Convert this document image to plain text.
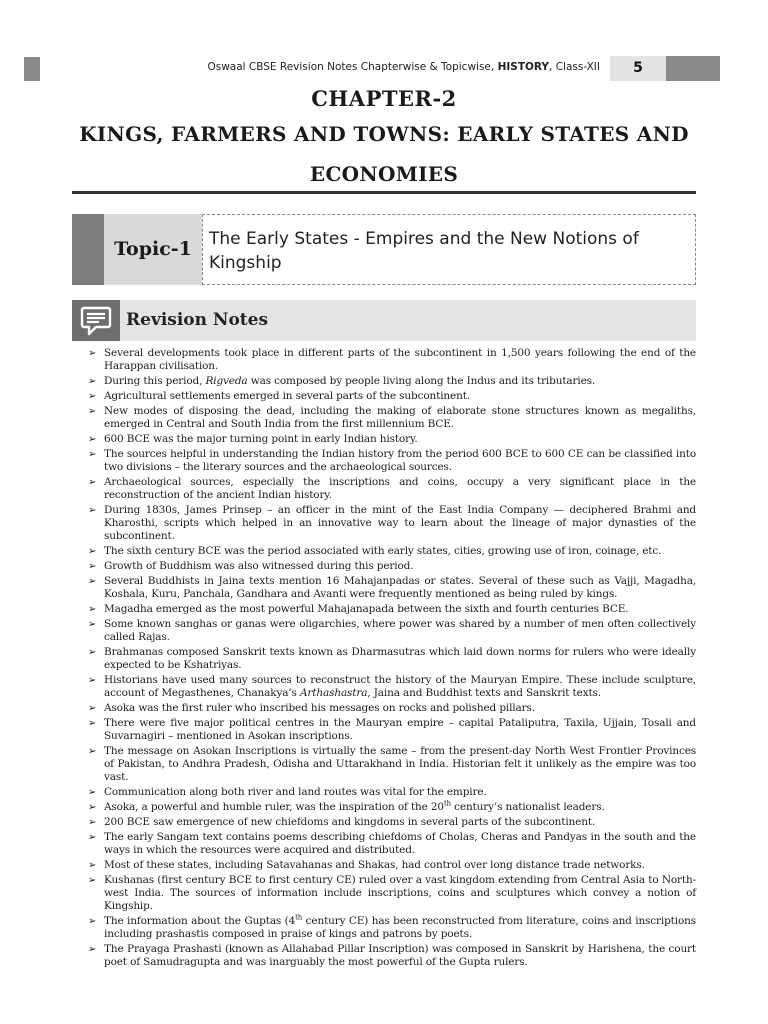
Oswaal CBSE Revision Notes Chapterwise & Topicwise, HISTORY, Class-XII	5
CHAPTER-2
KINGS, FARMERS AND TOWNS: EARLY STATES AND ECONOMIES
Topic-1	The Early States - Empires and the New Notions of Kingship
Revision Notes
➢ Several developments took place in different parts of the subcontinent in 1,500 years following the end of the Harappan civilisation.
➢ During this period, Rigveda was composed by people living along the Indus and its tributaries.
➢ Agricultural settlements emerged in several parts of the subcontinent.
➢ New modes of disposing the dead, including the making of elaborate stone structures known as megaliths, emerged in Central and South India from the first millennium BCE.
➢ 600 BCE was the major turning point in early Indian history.
➢ The sources helpful in understanding the Indian history from the period 600 BCE to 600 CE can be classified into two divisions – the literary sources and the archaeological sources.
➢ Archaeological sources, especially the inscriptions and coins, occupy a very significant place in the reconstruction of the ancient Indian history.
➢ During 1830s, James Prinsep – an officer in the mint of the East India Company — deciphered Brahmi and Kharosthi, scripts which helped in an innovative way to learn about the lineage of major dynasties of the subcontinent.
➢ The sixth century BCE was the period associated with early states, cities, growing use of iron, coinage, etc.
➢ Growth of Buddhism was also witnessed during this period.
➢ Several Buddhists in Jaina texts mention 16 Mahajanpadas or states. Several of these such as Vajji, Magadha, Koshala, Kuru, Panchala, Gandhara and Avanti were frequently mentioned as being ruled by kings.
➢ Magadha emerged as the most powerful Mahajanapada between the sixth and fourth centuries BCE.
➢ Some known sanghas or ganas were oligarchies, where power was shared by a number of men often collectively called Rajas.
➢ Brahmanas composed Sanskrit texts known as Dharmasutras which laid down norms for rulers who were ideally expected to be Kshatriyas.
➢ Historians have used many sources to reconstruct the history of the Mauryan Empire. These include sculpture, account of Megasthenes, Chanakya’s Arthashastra, Jaina and Buddhist texts and Sanskrit texts.
➢ Asoka was the first ruler who inscribed his messages on rocks and polished pillars.
➢ There were five major political centres in the Mauryan empire – capital Pataliputra, Taxila, Ujjain, Tosali and Suvarnagiri – mentioned in Asokan inscriptions.
➢ The message on Asokan Inscriptions is virtually the same – from the present-day North West Frontier Provinces of Pakistan, to Andhra Pradesh, Odisha and Uttarakhand in India. Historian felt it unlikely as the empire was too vast.
➢ Communication along both river and land routes was vital for the empire.
➢ Asoka, a powerful and humble ruler, was the inspiration of the 20th century’s nationalist leaders.
➢ 200 BCE saw emergence of new chiefdoms and kingdoms in several parts of the subcontinent.
➢ The early Sangam text contains poems describing chiefdoms of Cholas, Cheras and Pandyas in the south and the ways in which the resources were acquired and distributed.
➢ Most of these states, including Satavahanas and Shakas, had control over long distance trade networks.
➢ Kushanas (first century BCE to first century CE) ruled over a vast kingdom extending from Central Asia to North-west India. The sources of information include inscriptions, coins and sculptures which convey a notion of Kingship.
➢ The information about the Guptas (4th century CE) has been reconstructed from literature, coins and inscriptions including prashastis composed in praise of kings and patrons by poets.
➢ The Prayaga Prashasti (known as Allahabad Pillar Inscription) was composed in Sanskrit by Harishena, the court poet of Samudragupta and was inarguably the most powerful of the Gupta rulers.
